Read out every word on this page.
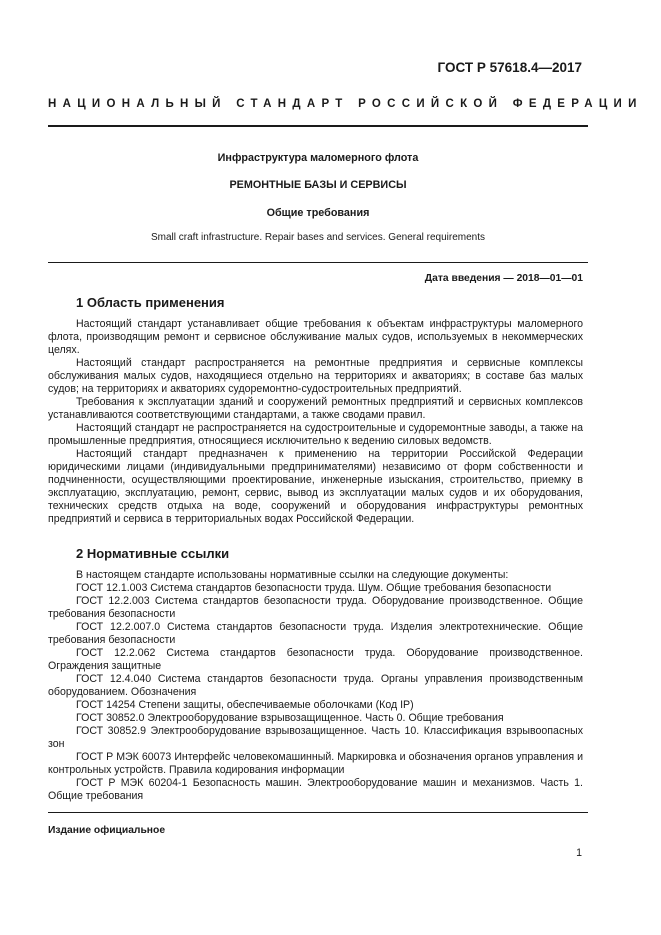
ГОСТ Р 57618.4—2017
НАЦИОНАЛЬНЫЙ СТАНДАРТ РОССИЙСКОЙ ФЕДЕРАЦИИ
Инфраструктура маломерного флота
РЕМОНТНЫЕ БАЗЫ И СЕРВИСЫ
Общие требования
Small craft infrastructure. Repair bases and services. General requirements
Дата введения — 2018—01—01
1 Область применения

Настоящий стандарт устанавливает общие требования к объектам инфраструктуры маломерного флота, производящим ремонт и сервисное обслуживание малых судов, используемых в некоммерческих целях.

Настоящий стандарт распространяется на ремонтные предприятия и сервисные комплексы обслуживания малых судов, находящиеся отдельно на территориях и акваториях; в составе баз малых судов; на территориях и акваториях судоремонтно-судостроительных предприятий.

Требования к эксплуатации зданий и сооружений ремонтных предприятий и сервисных комплексов устанавливаются соответствующими стандартами, а также сводами правил.

Настоящий стандарт не распространяется на судостроительные и судоремонтные заводы, а также на промышленные предприятия, относящиеся исключительно к ведению силовых ведомств.

Настоящий стандарт предназначен к применению на территории Российской Федерации юридическими лицами (индивидуальными предпринимателями) независимо от форм собственности и подчиненности, осуществляющими проектирование, инженерные изыскания, строительство, приемку в эксплуатацию, эксплуатацию, ремонт, сервис, вывод из эксплуатации малых судов и их оборудования, технических средств отдыха на воде, сооружений и оборудования инфраструктуры ремонтных предприятий и сервиса в территориальных водах Российской Федерации.

2 Нормативные ссылки

В настоящем стандарте использованы нормативные ссылки на следующие документы:

ГОСТ 12.1.003 Система стандартов безопасности труда. Шум. Общие требования безопасности

ГОСТ 12.2.003 Система стандартов безопасности труда. Оборудование производственное. Общие требования безопасности

ГОСТ 12.2.007.0 Система стандартов безопасности труда. Изделия электротехнические. Общие требования безопасности

ГОСТ 12.2.062 Система стандартов безопасности труда. Оборудование производственное. Ограждения защитные

ГОСТ 12.4.040 Система стандартов безопасности труда. Органы управления производственным оборудованием. Обозначения

ГОСТ 14254 Степени защиты, обеспечиваемые оболочками (Код IP)

ГОСТ 30852.0 Электрооборудование взрывозащищенное. Часть 0. Общие требования

ГОСТ 30852.9 Электрооборудование взрывозащищенное. Часть 10. Классификация взрывоопасных зон

ГОСТ Р МЭК 60073 Интерфейс человекомашинный. Маркировка и обозначения органов управления и контрольных устройств. Правила кодирования информации

ГОСТ Р МЭК 60204-1 Безопасность машин. Электрооборудование машин и механизмов. Часть 1. Общие требования

Издание официальное
1
